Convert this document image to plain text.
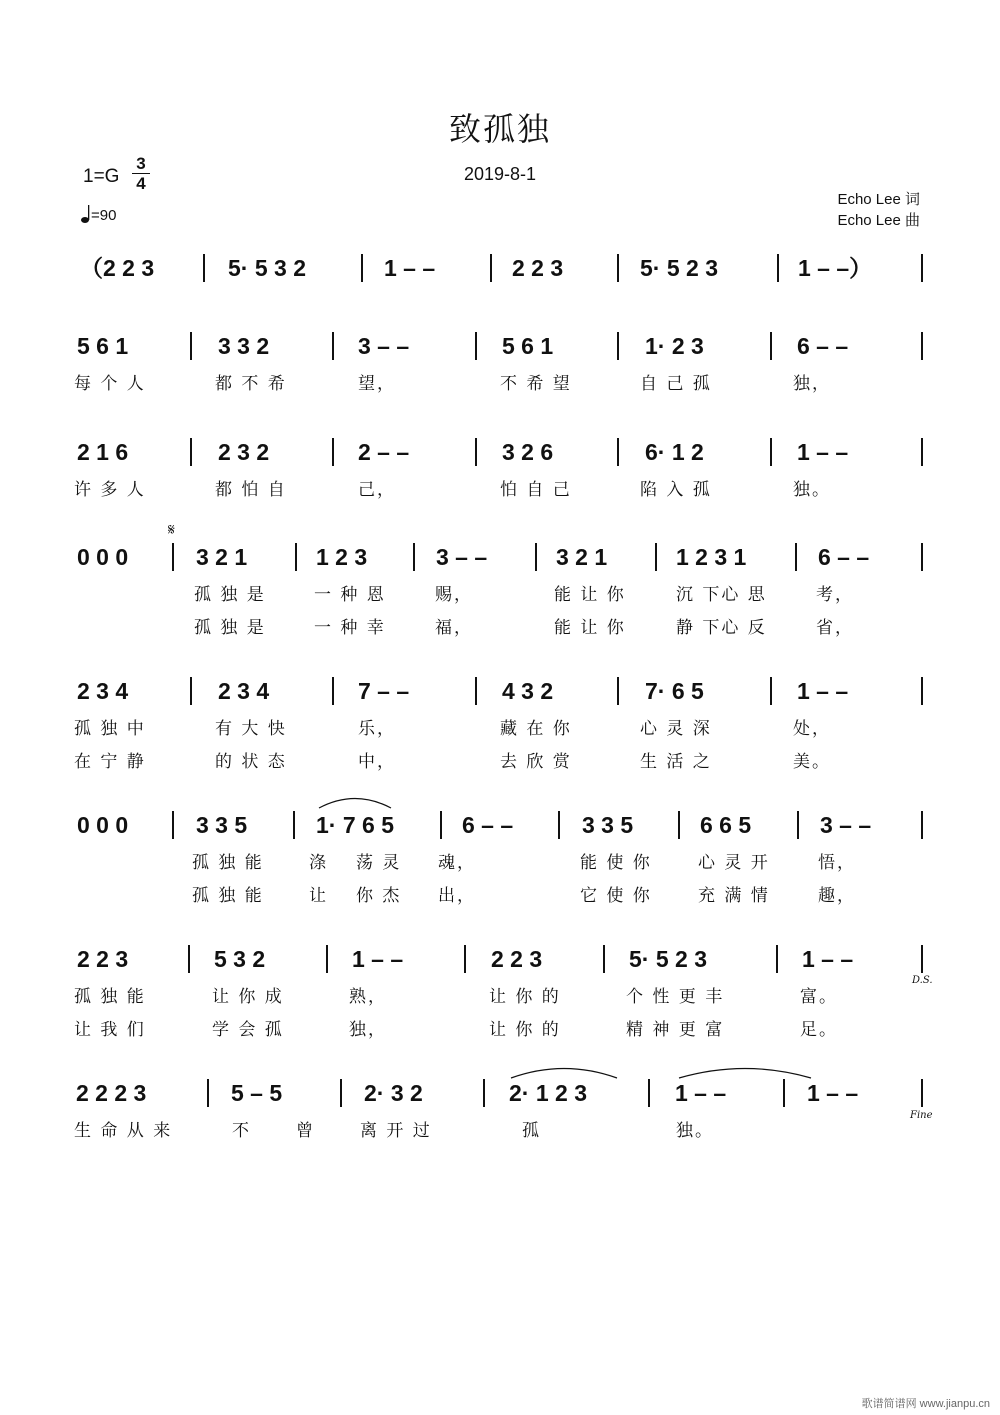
致孤独
2019-8-1
1=G
3
4
=90
Echo Lee 词
Echo Lee 曲
（2 2 3	5· 5 3 2	1 – –	2 2 3	5· 5 2 3	1 – –）
5 6 1	3 3 2	3 – –	5 6 1	1· 2 3	6 – –
每 个 人	都 不 希	望，	不 希 望	自 己 孤	独，
2 1 6	2 3 2	2 – –	3 2 6	6· 1 2	1 – –
许 多 人	都 怕 自	己，	怕 自 己	陷 入 孤	独。
0 0 0	3 2 1	1 2 3	3 – –	3 2 1	1 2 3 1	6 – –
孤 独 是	一 种 恩	赐，	能 让 你	沉 下心 思	考，
孤 独 是	一 种 幸	福，	能 让 你	静 下心 反	省，
2 3 4	2 3 4	7 – –	4 3 2	7· 6 5	1 – –
孤 独 中	有 大 快	乐，	藏 在 你	心 灵 深	处，
在 宁 静	的 状 态	中，	去 欣 赏	生 活 之	美。
0 0 0	3 3 5	1· 7 6 5	6 – –	3 3 5	6 6 5	3 – –
孤 独 能	涤 荡 灵 魂，	能 使 你	心 灵 开	悟，
孤 独 能	让 你 杰 出，	它 使 你	充 满 情	趣，
2 2 3	5 3 2	1 – –	2 2 3	5· 5 2 3	1 – –
孤 独 能	让 你 成	熟，	让 你 的	个 性 更 丰	富。
让 我 们	学 会 孤	独，	让 你 的	精 神 更 富	足。
2 2 2 3	5 – 5	2· 3 2	2· 1 2 3	1 – –	1 – –
生 命 从 来	不	曾	离 开 过	孤	独。
𝄋
D.S.
Fine
歌谱简谱网 www.jianpu.cn
